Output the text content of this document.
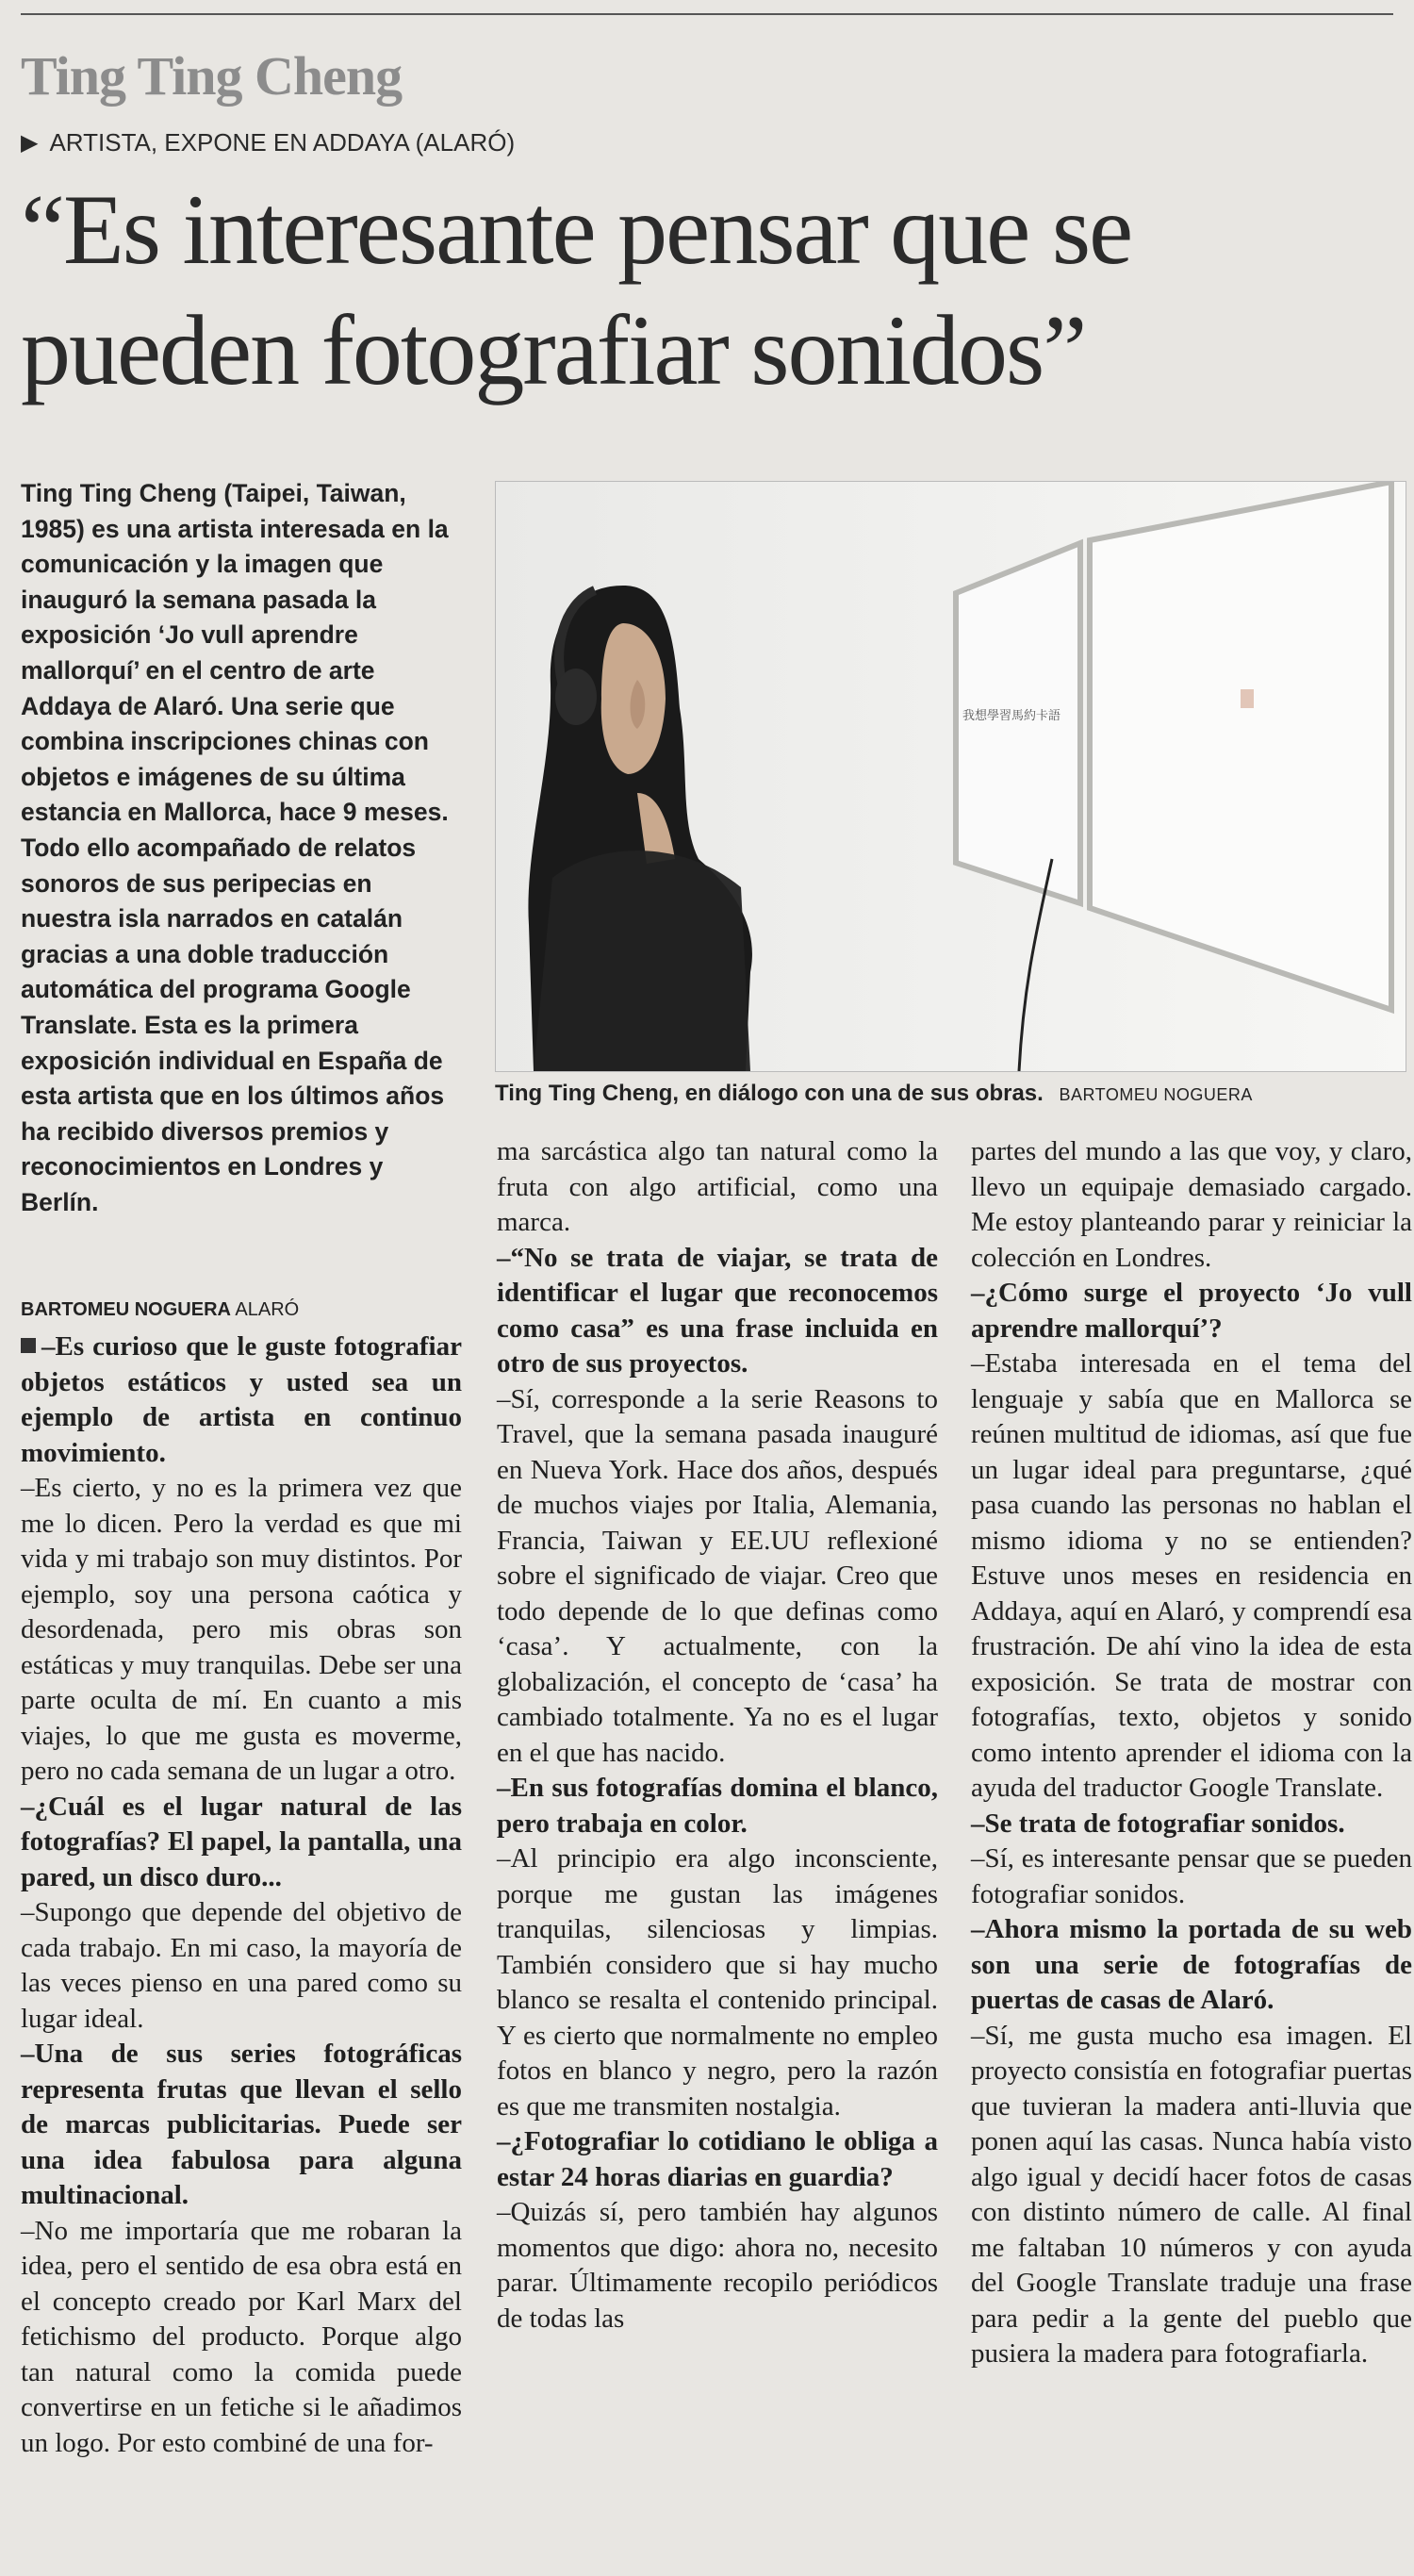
Ting Ting Cheng

▶ ARTISTA, EXPONE EN ADDAYA (ALARÓ)

“Es interesante pensar que se pueden fotografiar sonidos”

Ting Ting Cheng (Taipei, Taiwan, 1985) es una artista interesada en la comunicación y la imagen que inauguró la semana pasada la exposición ‘Jo vull aprendre mallorquí’ en el centro de arte Addaya de Alaró. Una serie que combina inscripciones chinas con objetos e imágenes de su última estancia en Mallorca, hace 9 meses. Todo ello acompañado de relatos sonoros de sus peripecias en nuestra isla narrados en catalán gracias a una doble traducción automática del programa Google Translate. Esta es la primera exposición individual en España de esta artista que en los últimos años ha recibido diversos premios y reconocimientos en Londres y Berlín.

我想學習馬約卡語

Ting Ting Cheng, en diálogo con una de sus obras. BARTOMEU NOGUERA

BARTOMEU NOGUERA ALARÓ

–Es curioso que le guste fotografiar objetos estáticos y usted sea un ejemplo de artista en continuo movimiento.

–Es cierto, y no es la primera vez que me lo dicen. Pero la verdad es que mi vida y mi trabajo son muy distintos. Por ejemplo, soy una persona caótica y desordenada, pero mis obras son estáticas y muy tranquilas. Debe ser una parte oculta de mí. En cuanto a mis viajes, lo que me gusta es moverme, pero no cada semana de un lugar a otro.

–¿Cuál es el lugar natural de las fotografías? El papel, la pantalla, una pared, un disco duro...

–Supongo que depende del objetivo de cada trabajo. En mi caso, la mayoría de las veces pienso en una pared como su lugar ideal.

–Una de sus series fotográficas representa frutas que llevan el sello de marcas publicitarias. Puede ser una idea fabulosa para alguna multinacional.

–No me importaría que me robaran la idea, pero el sentido de esa obra está en el concepto creado por Karl Marx del fetichismo del producto. Porque algo tan natural como la comida puede convertirse en un fetiche si le añadimos un logo. Por esto combiné de una for-

ma sarcástica algo tan natural como la fruta con algo artificial, como una marca.

–“No se trata de viajar, se trata de identificar el lugar que reconocemos como casa” es una frase incluida en otro de sus proyectos.

–Sí, corresponde a la serie Reasons to Travel, que la semana pasada inauguré en Nueva York. Hace dos años, después de muchos viajes por Italia, Alemania, Francia, Taiwan y EE.UU reflexioné sobre el significado de viajar. Creo que todo depende de lo que definas como ‘casa’. Y actualmente, con la globalización, el concepto de ‘casa’ ha cambiado totalmente. Ya no es el lugar en el que has nacido.

–En sus fotografías domina el blanco, pero trabaja en color.

–Al principio era algo inconsciente, porque me gustan las imágenes tranquilas, silenciosas y limpias. También considero que si hay mucho blanco se resalta el contenido principal. Y es cierto que normalmente no empleo fotos en blanco y negro, pero la razón es que me transmiten nostalgia.

–¿Fotografiar lo cotidiano le obliga a estar 24 horas diarias en guardia?

–Quizás sí, pero también hay algunos momentos que digo: ahora no, necesito parar. Últimamente recopilo periódicos de todas las

partes del mundo a las que voy, y claro, llevo un equipaje demasiado cargado. Me estoy planteando parar y reiniciar la colección en Londres.

–¿Cómo surge el proyecto ‘Jo vull aprendre mallorquí’?

–Estaba interesada en el tema del lenguaje y sabía que en Mallorca se reúnen multitud de idiomas, así que fue un lugar ideal para preguntarse, ¿qué pasa cuando las personas no hablan el mismo idioma y no se entienden? Estuve unos meses en residencia en Addaya, aquí en Alaró, y comprendí esa frustración. De ahí vino la idea de esta exposición. Se trata de mostrar con fotografías, texto, objetos y sonido como intento aprender el idioma con la ayuda del traductor Google Translate.

–Se trata de fotografiar sonidos.

–Sí, es interesante pensar que se pueden fotografiar sonidos.

–Ahora mismo la portada de su web son una serie de fotografías de puertas de casas de Alaró.

–Sí, me gusta mucho esa imagen. El proyecto consistía en fotografiar puertas que tuvieran la madera anti-lluvia que ponen aquí las casas. Nunca había visto algo igual y decidí hacer fotos de casas con distinto número de calle. Al final me faltaban 10 números y con ayuda del Google Translate traduje una frase para pedir a la gente del pueblo que pusiera la madera para fotografiarla.
